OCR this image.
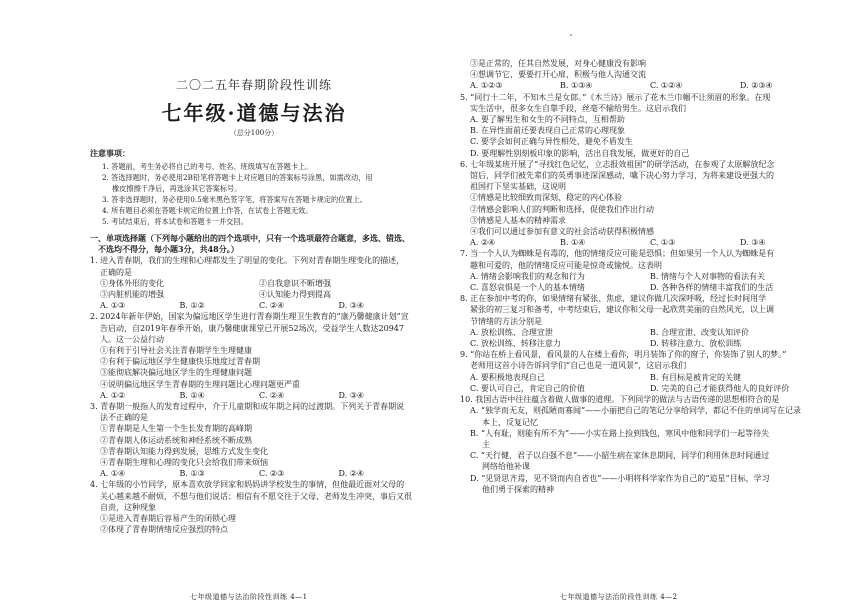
二〇二五年春期阶段性训练
七年级·道德与法治
（总分100分）
注意事项：
1. 答题前，考生务必将自己的考号、姓名、班级填写在答题卡上。
2. 答选择题时，务必使用2B铅笔将答题卡上对应题目的答案标号涂黑，如需改动，用
橡皮擦擦干净后，再选涂其它答案标号。
3. 答非选择题时，务必使用0.5毫米黑色签字笔，将答案写在答题卡规定的位置上。
4. 所有题目必须在答题卡规定的位置上作答，在试卷上答题无效。
5. 考试结束后，将本试卷和答题卡一并交回。
一、单项选择题（下列每小题给出的四个选项中，只有一个选项最符合题意，多选、错选、
不选均不得分，每小题3分，共48分。）
1. 进入青春期，我们的生理和心理都发生了明显的变化。下列对青春期生理变化的描述，
正确的是
①身体外形的变化	②自我意识不断增强
③内脏机能的增强	④认知能力得到提高
A. ①③	B. ①②	C. ②④	D. ③④
2. 2024年新年伊始，国家为偏远地区学生进行青春期生理卫生教育的“康乃馨健康计划”宣
告启动，自2019年春季开始，康乃馨健康课堂已开展52场次，受益学生人数达20947
人。这一公益行动
①有利于引导社会关注青春期学生生理健康
②有利于偏远地区学生健康快乐地度过青春期
③能彻底解决偏远地区学生的生理健康问题
④说明偏远地区学生青春期的生理问题比心理问题更严重
A. ①②	B. ①④	C. ②④	D. ③④
3. 青春期一般指人的发育过程中，介于儿童期和成年期之间的过渡期。下列关于青春期说
法不正确的是
①青春期是人生第一个生长发育期的高峰期
②青春期人体运动系统和神经系统不断成熟
③青春期认知能力得到发展，思维方式发生变化
④青春期生理和心理的变化只会给我们带来烦恼
A. ①④	B. ①③	C. ②③	D. ②④
4. 七年级的小竹同学，原本喜欢放学回家和妈妈讲学校发生的事情，但他最近面对父母的
关心越来越不耐烦，不想与他们说话；相信有不愿交往于父母、老师发生冲突，事后又很
自责，这种现象
①是进入青春期后容易产生的闭锁心理
②体现了青春期情绪反应强烈的特点
七年级道德与法治阶段性训练 4—1
③是正常的，任其自然发展，对身心健康没有影响
④想调节它，要要打开心扉，积极与他人沟通交流
A. ①②③	B. ①③④	C. ①②④	D. ②③④
5. “同行十二年，不知木兰是女郎。”《木兰诗》展示了花木兰巾帼不让须眉的形象。在现
实生活中，很多女生自靠手段，丝毫不输给男生。这启示我们
A. 要了解男生和女生的不同特点，互相帮助
B. 在异性面前还要表现自己正常的心理现象
C. 要学会如何正确与异性相处，避免不盾发生
D. 要理解性别刻板印象的影响，活出自我发展，做更好的自己
6. 七年级某班开展了“寻找红色记忆，立志报效祖国”的研学活动，在参观了太原解放纪念
馆后，同学们被先辈们的英勇事迹深深感动，噙下决心努力学习，为将来建设更强大的
祖国打下坚实基础，这说明
①情感是比较细致而深刻、稳定的内心体验
②情感会影响人们的判断和选择，促使我们作出行动
③情感是人基本的精神需求
④我们可以通过参加有意义的社会活动获得积极情感
A. ②④	B. ①④	C. ①③	D. ③④
7. 当一个人认为蜘蛛是有毒的，他的情绪反应可能是恐惧；但如果另一个人认为蜘蛛是有
趣和可爱的，他的情绪反应可能是惊奇或愉悦。这表明
A. 情绪会影响我们的观念和行为	B. 情绪与个人对事物的看法有关
C. 喜怒哀惧是一个人的基本情绪	D. 各种各样的情绪丰富我们的生活
8. 正在参加中考的你，如果情绪有紧张、焦虑，建议你做几次深呼吸，经过长时间用学
紧张的初三复习和备考，中考结束后，建议你和父母一起欣赏美丽的自然风光，以上调
节情绪的方法分别是
A. 放松训练、合理宣泄	B. 合理宣泄、改变认知评价
C. 放松训练、转移注意力	D. 转移注意力、放松训练
9. “你站在桥上看风景，看风景的人在楼上看你，明月装饰了你的窗子，你装饰了别人的梦。”
老师用这首小诗告诉同学们“自己也是一道风景”，这启示我们
A. 要积极地表现自己	B. 有目标是被肯定的关键
C. 要认可自己，肯定自己的价值	D. 完美的自己才能获得他人的良好评价
10. 我国古语中往往蕴含着做人做事的道理。下列同学的做法与古语传递的思想相符合的是
A. “独学而无友，则孤陋而寡闻”——小丽把自己的笔记分享给同学，都记不住的单词写在记录
本上，反复记忆
B. “人有耻，则能有所不为”——小实在路上捡到钱包，寒风中他和同学们一起等待失
主
C. “天行健，君子以自强不息”——小韶生病在家休息期间，同学们利用休息时间通过
网络给他补课
D. “见贤思齐焉，见不贤而内自省也”——小明将科学家作为自己的“追星”目标，学习
他们勇于探索的精神
七年级道德与法治阶段性训练 4—2
